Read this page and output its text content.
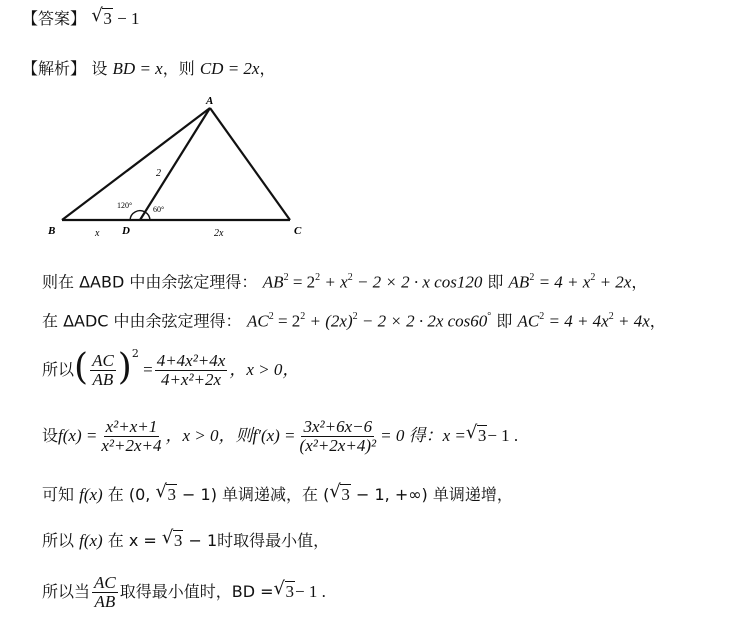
【答案】 √ 3 − 1
【解析】 设 BD = x，则 CD = 2x，
A
B	C
D
2
x	2x
120°	60°
则在 ΔABD 中由余弦定理得： $AB^2 = 2^2 + x^2 - 2 \times 2 \cdot x$ cos120 即 $AB^2 = 4 + x^2 + 2x$，
在 ΔADC 中由余弦定理得： $AC^2 = 2^2 + (2x)^2 - 2 \times 2 \cdot 2x$ cos60° 即 $AC^2 = 4 + 4x^2 + 4x$，
所以 ( $\frac{AC}{AB}$ ) 2
= $\frac{\text{4+4x²+4x}}{\text{4+x²+2x}}$ ，x > 0，
设 $f(x) = \frac{\text{x²+x+1}}{\text{x²+2x+4}}$ ，x > 0，则 $f'(x) = \frac{\text{3x²+6x−6}}{\text{(x²+2x+4)²}} = 0$ 得：x = √ 3 − 1 .
可知 f(x) 在 (0, √ 3 − 1) 单调递减，在 ( √ 3 − 1, +∞) 单调递增，
所以 f(x) 在 x = √ 3 − 1时取得最小值，
所以当 $\frac{AC}{AB}$ 取得最小值时，BD = √ 3 − 1 .
